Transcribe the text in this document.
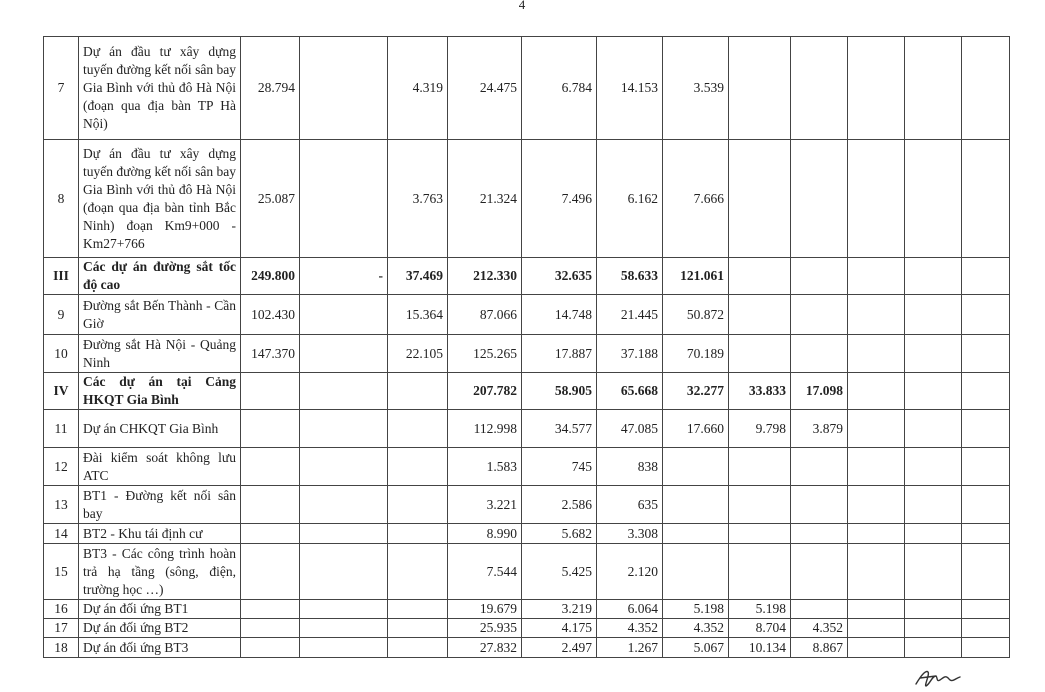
4
7	Dự án đầu tư xây dựng tuyến đường kết nối sân bay Gia Bình với thủ đô Hà Nội (đoạn qua địa bàn TP Hà Nội)	28.794		4.319	24.475	6.784	14.153	3.539					
8	Dự án đầu tư xây dựng tuyến đường kết nối sân bay Gia Bình với thủ đô Hà Nội (đoạn qua địa bàn tỉnh Bắc Ninh) đoạn Km9+000 - Km27+766	25.087		3.763	21.324	7.496	6.162	7.666					
III	Các dự án đường sắt tốc độ cao	249.800	-	37.469	212.330	32.635	58.633	121.061					
9	Đường sắt Bến Thành - Cần Giờ	102.430		15.364	87.066	14.748	21.445	50.872					
10	Đường sắt Hà Nội - Quảng Ninh	147.370		22.105	125.265	17.887	37.188	70.189					
IV	Các dự án tại Cảng HKQT Gia Bình				207.782	58.905	65.668	32.277	33.833	17.098			
11	Dự án CHKQT Gia Bình				112.998	34.577	47.085	17.660	9.798	3.879			
12	Đài kiểm soát không lưu ATC				1.583	745	838						
13	BT1 - Đường kết nối sân bay				3.221	2.586	635						
14	BT2 - Khu tái định cư				8.990	5.682	3.308						
15	BT3 - Các công trình hoàn trả hạ tầng (sông, điện, trường học …)				7.544	5.425	2.120						
16	Dự án đối ứng BT1				19.679	3.219	6.064	5.198	5.198				
17	Dự án đối ứng BT2				25.935	4.175	4.352	4.352	8.704	4.352			
18	Dự án đối ứng BT3				27.832	2.497	1.267	5.067	10.134	8.867			
